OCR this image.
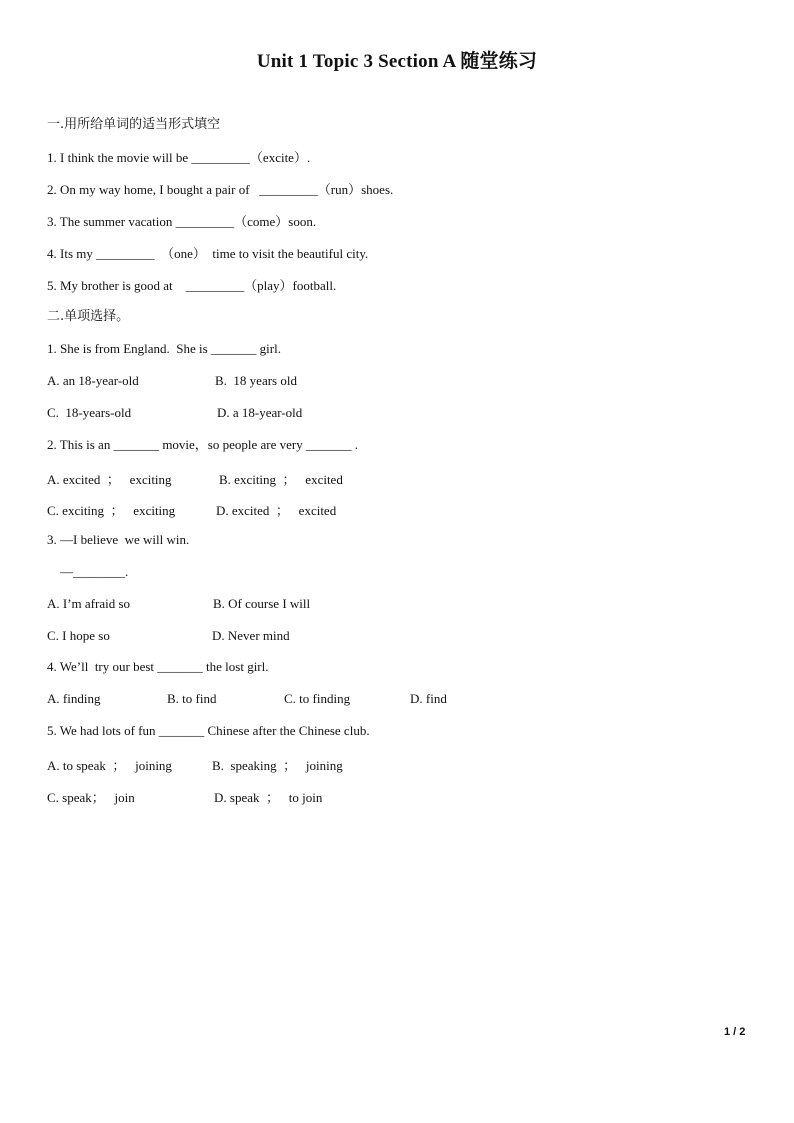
Unit 1 Topic 3 Section A 随堂练习
一.用所给单词的适当形式填空
1. I think the movie will be _________（excite）.
2. On my way home, I bought a pair of   _________（run）shoes.
3. The summer vacation _________（come）soon.
4. Its my _________  （one）  time to visit the beautiful city.
5. My brother is good at    _________（play）football.
二.单项选择。
1. She is from England.  She is _______ girl.
A. an 18-year-old	B.  18 years old
C.  18-years-old	D. a 18-year-old
2. This is an _______ movie，so people are very _______ .
A. excited  ；   exciting	B. exciting  ；   excited
C. exciting  ；   exciting	D. excited  ；   excited
3. —I believe  we will win.
—________.
A. I’m afraid so	B. Of course I will
C. I hope so	D. Never mind
4. We’ll  try our best _______ the lost girl.
A. finding	B. to find	C. to finding	D. find
5. We had lots of fun _______ Chinese after the Chinese club.
A. to speak  ；   joining	B.  speaking  ；   joining
C. speak；   join	D. speak  ；   to join
1 / 2
